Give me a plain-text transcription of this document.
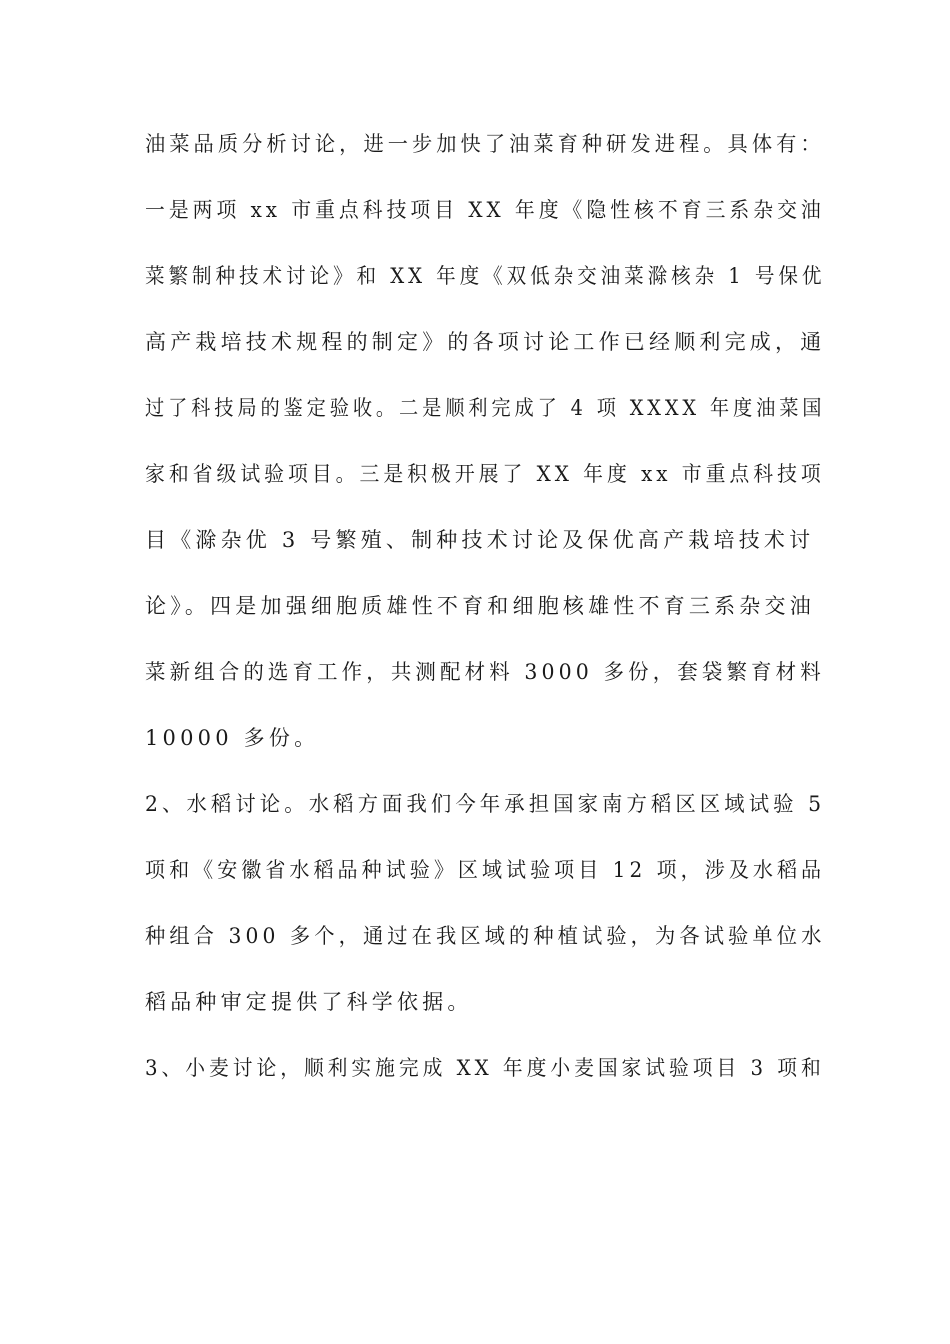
油菜品质分析讨论，进一步加快了油菜育种研发进程。具体有：
一是两项 xx 市重点科技项目 XX 年度《隐性核不育三系杂交油
菜繁制种技术讨论》和 XX 年度《双低杂交油菜滁核杂 1 号保优
高产栽培技术规程的制定》的各项讨论工作已经顺利完成，通
过了科技局的鉴定验收。二是顺利完成了 4 项 XXXX 年度油菜国
家和省级试验项目。三是积极开展了 XX 年度 xx 市重点科技项
目《滁杂优 3 号繁殖、制种技术讨论及保优高产栽培技术讨
论》。四是加强细胞质雄性不育和细胞核雄性不育三系杂交油
菜新组合的选育工作，共测配材料 3000 多份，套袋繁育材料
10000 多份。
2、水稻讨论。水稻方面我们今年承担国家南方稻区区域试验 5
项和《安徽省水稻品种试验》区域试验项目 12 项，涉及水稻品
种组合 300 多个，通过在我区域的种植试验，为各试验单位水
稻品种审定提供了科学依据。
3、小麦讨论，顺利实施完成 XX 年度小麦国家试验项目 3 项和
